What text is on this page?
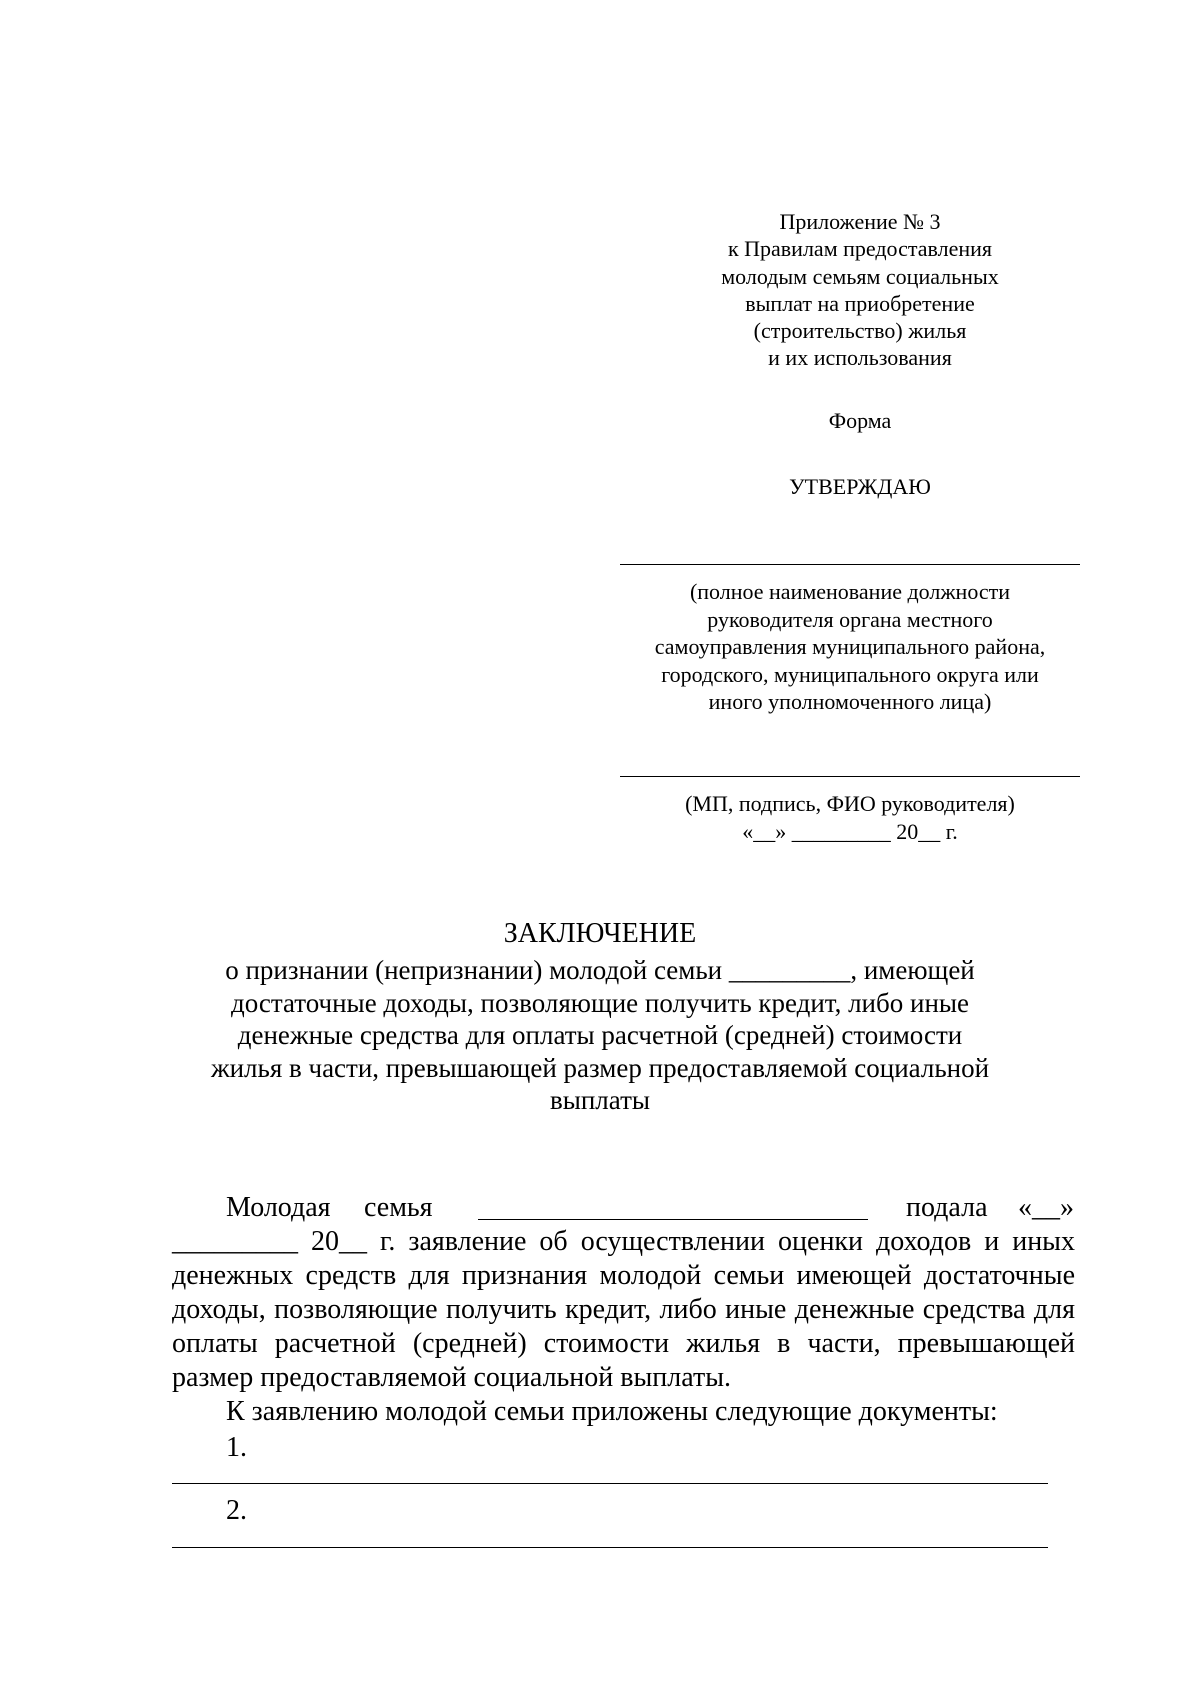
Приложение № 3
к Правилам предоставления
молодым семьям социальных
выплат на приобретение
(строительство) жилья
и их использования
Форма
УТВЕРЖДАЮ
(полное наименование должности
руководителя органа местного
самоуправления муниципального района,
городского, муниципального округа или
иного уполномоченного лица)
(МП, подпись, ФИО руководителя)
«__» _________ 20__ г.
ЗАКЛЮЧЕНИЕ
о признании (непризнании) молодой семьи _________, имеющей
достаточные доходы, позволяющие получить кредит, либо иные
денежные средства для оплаты расчетной (средней) стоимости
жилья в части, превышающей размер предоставляемой социальной
выплаты
Молодая семья	подала «__»
_________ 20__ г. заявление об осуществлении оценки доходов и иных
денежных средств для признания молодой семьи имеющей достаточные
доходы, позволяющие получить кредит, либо иные денежные средства для
оплаты расчетной (средней) стоимости жилья в части, превышающей
размер предоставляемой социальной выплаты.
К заявлению молодой семьи приложены следующие документы:
1.
2.
